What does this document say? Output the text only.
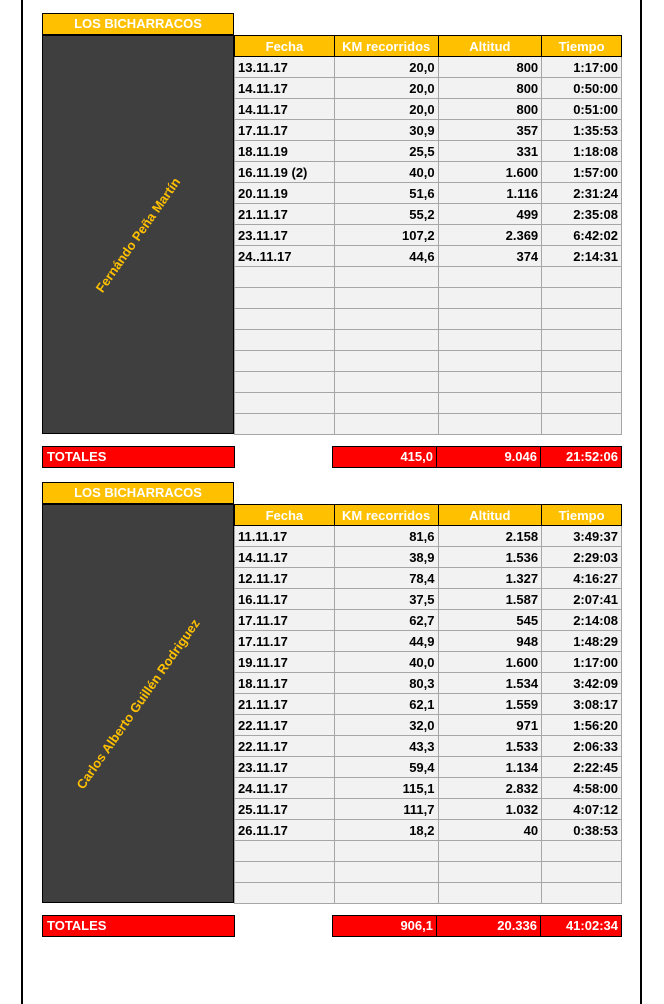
LOS BICHARRACOS
Fernándo Peña Martín
Fecha	KM recorridos	Altitud	Tiempo
13.11.17	20,0	800	1:17:00
14.11.17	20,0	800	0:50:00
14.11.17	20,0	800	0:51:00
17.11.17	30,9	357	1:35:53
18.11.19	25,5	331	1:18:08
16.11.19 (2)	40,0	1.600	1:57:00
20.11.19	51,6	1.116	2:31:24
21.11.17	55,2	499	2:35:08
23.11.17	107,2	2.369	6:42:02
24..11.17	44,6	374	2:14:31

TOTALES	415,0	9.046	21:52:06
LOS BICHARRACOS
Carlos Alberto Guillén Rodriguez
Fecha	KM recorridos	Altitud	Tiempo
11.11.17	81,6	2.158	3:49:37
14.11.17	38,9	1.536	2:29:03
12.11.17	78,4	1.327	4:16:27
16.11.17	37,5	1.587	2:07:41
17.11.17	62,7	545	2:14:08
17.11.17	44,9	948	1:48:29
19.11.17	40,0	1.600	1:17:00
18.11.17	80,3	1.534	3:42:09
21.11.17	62,1	1.559	3:08:17
22.11.17	32,0	971	1:56:20
22.11.17	43,3	1.533	2:06:33
23.11.17	59,4	1.134	2:22:45
24.11.17	115,1	2.832	4:58:00
25.11.17	111,7	1.032	4:07:12
26.11.17	18,2	40	0:38:53

TOTALES	906,1	20.336	41:02:34
